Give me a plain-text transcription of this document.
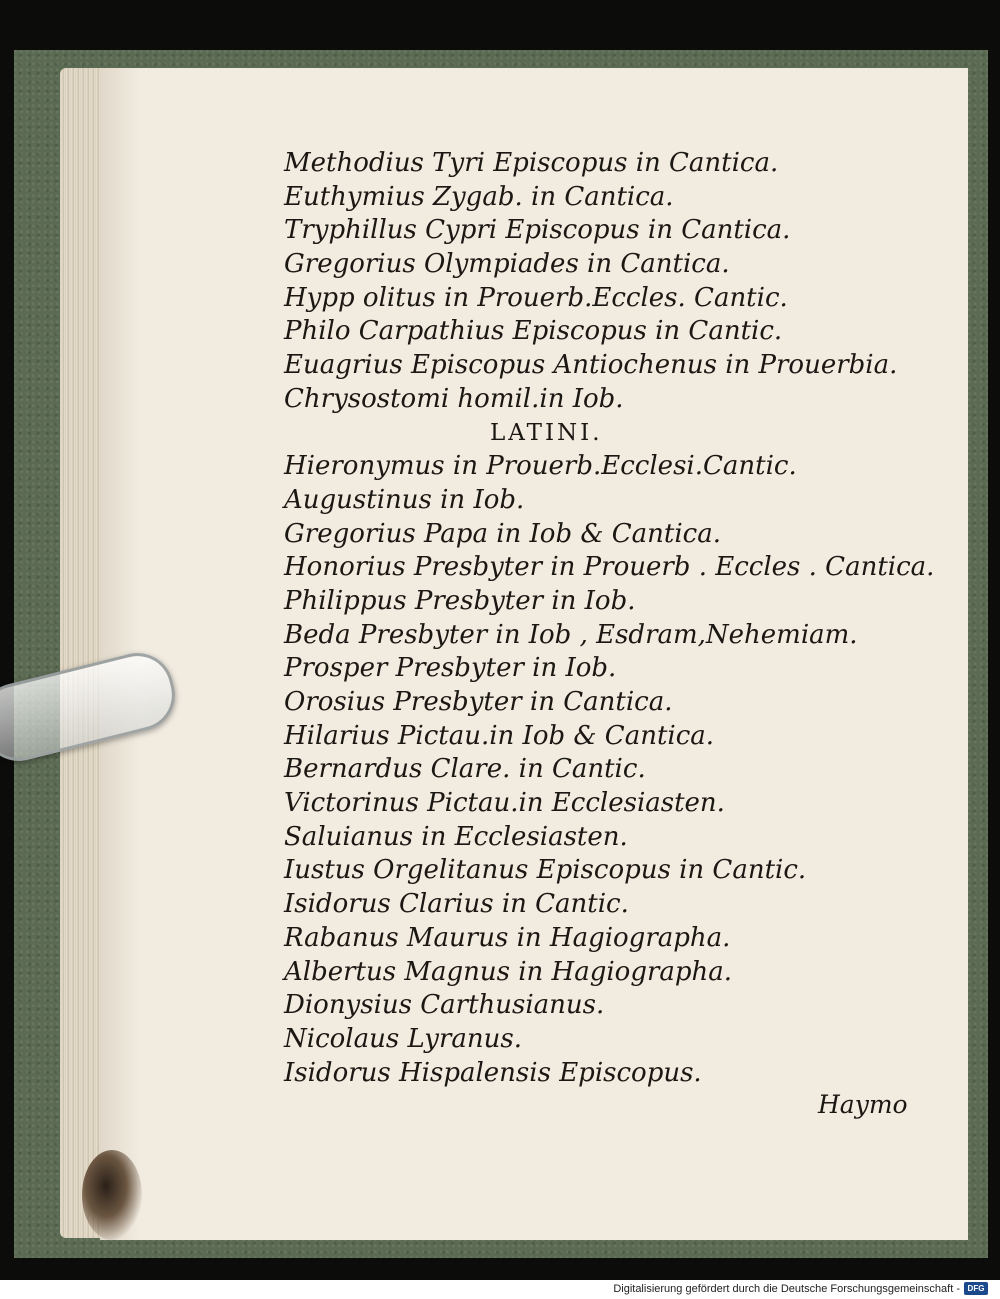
Methodius Tyri Episcopus in Cantica.
Euthymius Zygab. in Cantica.
Tryphillus Cypri Episcopus in Cantica.
Gregorius Olympiades in Cantica.
Hypp olitus in Prouerb.Eccles. Cantic.
Philo Carpathius Episcopus in Cantic.
Euagrius Episcopus Antiochenus in Prouerbia.
Chrysostomi homil.in Iob.
LATINI.
Hieronymus in Prouerb.Ecclesi.Cantic.
Augustinus in Iob.
Gregorius Papa in Iob & Cantica.
Honorius Presbyter in Prouerb . Eccles . Cantica.
Philippus Presbyter in Iob.
Beda Presbyter in Iob , Esdram,Nehemiam.
Prosper Presbyter in Iob.
Orosius Presbyter in Cantica.
Hilarius Pictau.in Iob & Cantica.
Bernardus Clare. in Cantic.
Victorinus Pictau.in Ecclesiasten.
Saluianus in Ecclesiasten.
Iustus Orgelitanus Episcopus in Cantic.
Isidorus Clarius in Cantic.
Rabanus Maurus in Hagiographa.
Albertus Magnus in Hagiographa.
Dionysius Carthusianus.
Nicolaus Lyranus.
Isidorus Hispalensis Episcopus.
Haymo
Digitalisierung gefördert durch die Deutsche Forschungsgemeinschaft - DFG
